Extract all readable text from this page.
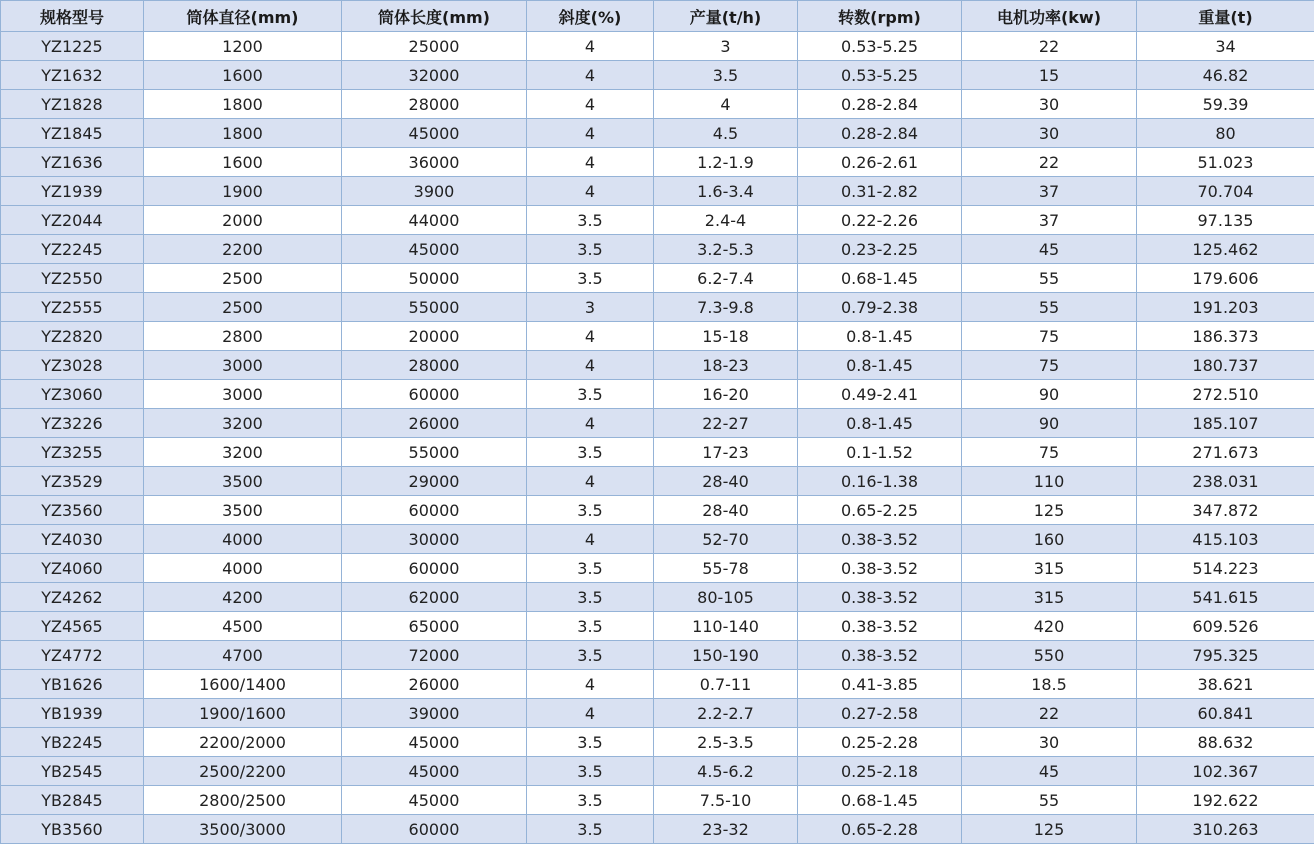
规格型号	筒体直径(mm)	筒体长度(mm)	斜度(%)	产量(t/h)	转数(rpm)	电机功率(kw)	重量(t)
YZ1225	1200	25000	4	3	0.53-5.25	22	34
YZ1632	1600	32000	4	3.5	0.53-5.25	15	46.82
YZ1828	1800	28000	4	4	0.28-2.84	30	59.39
YZ1845	1800	45000	4	4.5	0.28-2.84	30	80
YZ1636	1600	36000	4	1.2-1.9	0.26-2.61	22	51.023
YZ1939	1900	3900	4	1.6-3.4	0.31-2.82	37	70.704
YZ2044	2000	44000	3.5	2.4-4	0.22-2.26	37	97.135
YZ2245	2200	45000	3.5	3.2-5.3	0.23-2.25	45	125.462
YZ2550	2500	50000	3.5	6.2-7.4	0.68-1.45	55	179.606
YZ2555	2500	55000	3	7.3-9.8	0.79-2.38	55	191.203
YZ2820	2800	20000	4	15-18	0.8-1.45	75	186.373
YZ3028	3000	28000	4	18-23	0.8-1.45	75	180.737
YZ3060	3000	60000	3.5	16-20	0.49-2.41	90	272.510
YZ3226	3200	26000	4	22-27	0.8-1.45	90	185.107
YZ3255	3200	55000	3.5	17-23	0.1-1.52	75	271.673
YZ3529	3500	29000	4	28-40	0.16-1.38	110	238.031
YZ3560	3500	60000	3.5	28-40	0.65-2.25	125	347.872
YZ4030	4000	30000	4	52-70	0.38-3.52	160	415.103
YZ4060	4000	60000	3.5	55-78	0.38-3.52	315	514.223
YZ4262	4200	62000	3.5	80-105	0.38-3.52	315	541.615
YZ4565	4500	65000	3.5	110-140	0.38-3.52	420	609.526
YZ4772	4700	72000	3.5	150-190	0.38-3.52	550	795.325
YB1626	1600/1400	26000	4	0.7-11	0.41-3.85	18.5	38.621
YB1939	1900/1600	39000	4	2.2-2.7	0.27-2.58	22	60.841
YB2245	2200/2000	45000	3.5	2.5-3.5	0.25-2.28	30	88.632
YB2545	2500/2200	45000	3.5	4.5-6.2	0.25-2.18	45	102.367
YB2845	2800/2500	45000	3.5	7.5-10	0.68-1.45	55	192.622
YB3560	3500/3000	60000	3.5	23-32	0.65-2.28	125	310.263
